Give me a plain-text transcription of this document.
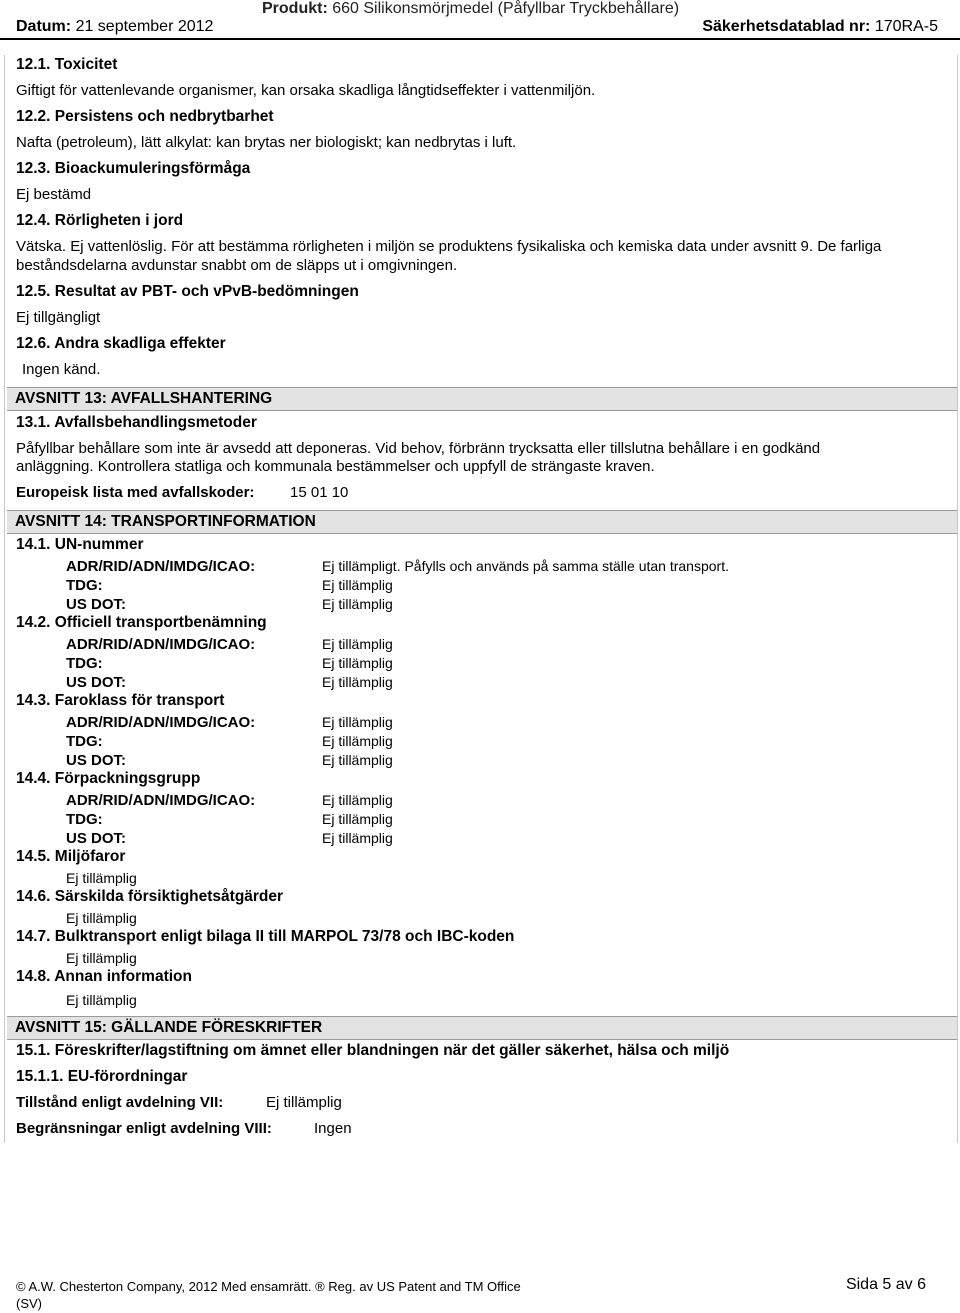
Produkt: 660 Silikonsmörjmedel (Påfyllbar Tryckbehållare)
Datum: 21 september 2012	Säkerhetsdatablad nr: 170RA-5
12.1. Toxicitet
Giftigt för vattenlevande organismer, kan orsaka skadliga långtidseffekter i vattenmiljön.
12.2. Persistens och nedbrytbarhet
Nafta (petroleum), lätt alkylat: kan brytas ner biologiskt; kan nedbrytas i luft.
12.3. Bioackumuleringsförmåga
Ej bestämd
12.4. Rörligheten i jord
Vätska. Ej vattenlöslig. För att bestämma rörligheten i miljön se produktens fysikaliska och kemiska data under avsnitt 9. De farliga
beståndsdelarna avdunstar snabbt om de släpps ut i omgivningen.
12.5. Resultat av PBT- och vPvB-bedömningen
Ej tillgängligt
12.6. Andra skadliga effekter
Ingen känd.
AVSNITT 13: AVFALLSHANTERING
13.1. Avfallsbehandlingsmetoder
Påfyllbar behållare som inte är avsedd att deponeras. Vid behov, förbränn trycksatta eller tillslutna behållare i en godkänd
anläggning. Kontrollera statliga och kommunala bestämmelser och uppfyll de strängaste kraven.
Europeisk lista med avfallskoder: 15 01 10
AVSNITT 14: TRANSPORTINFORMATION
14.1. UN-nummer
ADR/RID/ADN/IMDG/ICAO:	Ej tillämpligt. Påfylls och används på samma ställe utan transport.
TDG:	Ej tillämplig
US DOT:	Ej tillämplig
14.2. Officiell transportbenämning
ADR/RID/ADN/IMDG/ICAO:	Ej tillämplig
TDG:	Ej tillämplig
US DOT:	Ej tillämplig
14.3. Faroklass för transport
ADR/RID/ADN/IMDG/ICAO:	Ej tillämplig
TDG:	Ej tillämplig
US DOT:	Ej tillämplig
14.4. Förpackningsgrupp
ADR/RID/ADN/IMDG/ICAO:	Ej tillämplig
TDG:	Ej tillämplig
US DOT:	Ej tillämplig
14.5. Miljöfaror
Ej tillämplig
14.6. Särskilda försiktighetsåtgärder
Ej tillämplig
14.7. Bulktransport enligt bilaga II till MARPOL 73/78 och IBC-koden
Ej tillämplig
14.8. Annan information
Ej tillämplig
AVSNITT 15: GÄLLANDE FÖRESKRIFTER
15.1. Föreskrifter/lagstiftning om ämnet eller blandningen när det gäller säkerhet, hälsa och miljö
15.1.1. EU-förordningar
Tillstånd enligt avdelning VII:	Ej tillämplig
Begränsningar enligt avdelning VIII:	Ingen
© A.W. Chesterton Company, 2012 Med ensamrätt. ® Reg. av US Patent and TM Office
(SV)
Sida 5 av 6
